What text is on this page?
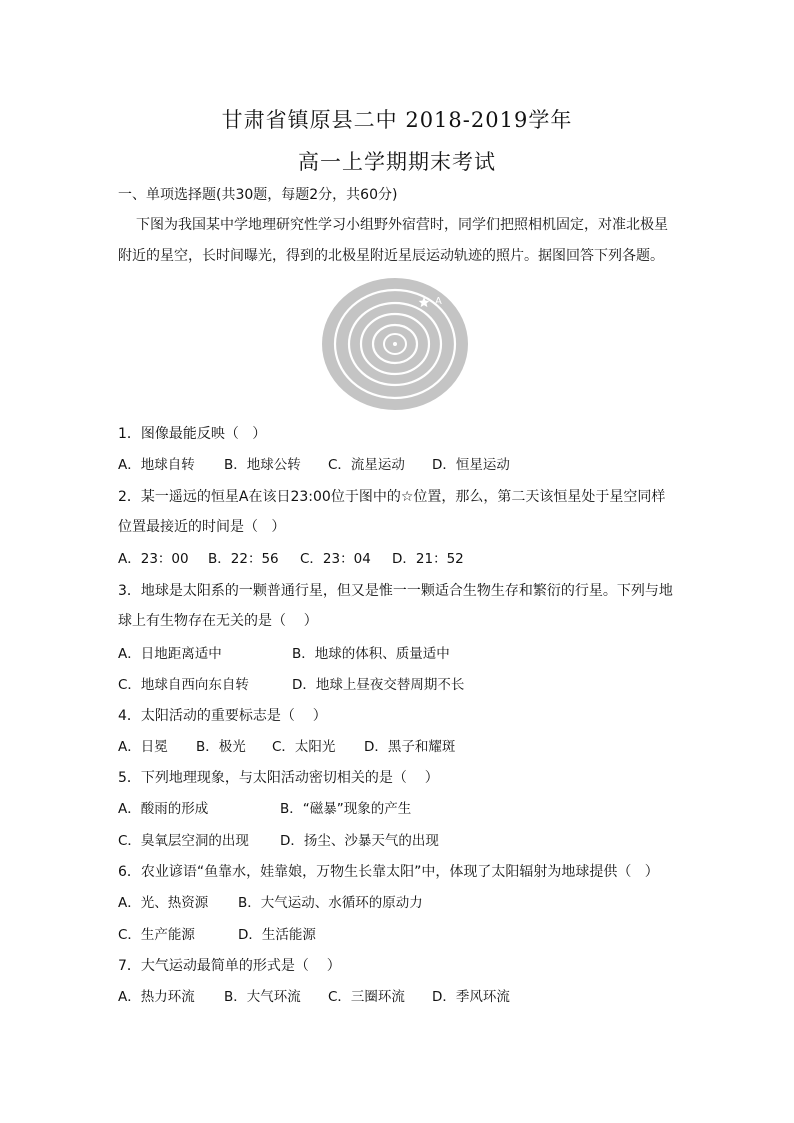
甘肃省镇原县二中 2018-2019学年
高一上学期期末考试
一、单项选择题(共30题，每题2分，共60分)
下图为我国某中学地理研究性学习小组野外宿营时，同学们把照相机固定，对准北极星附近的星空，长时间曝光，得到的北极星附近星辰运动轨迹的照片。据图回答下列各题。
A
1．图像最能反映（   ）
A．地球自转 B．地球公转 C．流星运动 D．恒星运动
2．某一遥远的恒星A在该日23:00位于图中的☆位置，那么，第二天该恒星处于星空同样
位置最接近的时间是（   ）
A．23：00 B．22：56 C．23：04 D．21：52
3．地球是太阳系的一颗普通行星，但又是惟一一颗适合生物生存和繁衍的行星。下列与地
球上有生物存在无关的是（    ）
A．日地距离适中	B．地球的体积、质量适中
C．地球自西向东自转	D．地球上昼夜交替周期不长
4．太阳活动的重要标志是（    ）
A．日冕 B．极光 C．太阳光 D．黑子和耀斑
5．下列地理现象，与太阳活动密切相关的是（    ）
A．酸雨的形成	B．“磁暴”现象的产生
C．臭氧层空洞的出现 D．扬尘、沙暴天气的出现
6．农业谚语“鱼靠水，娃靠娘，万物生长靠太阳”中，体现了太阳辐射为地球提供（   ）
A．光、热资源 B．大气运动、水循环的原动力
C．生产能源	D．生活能源
7．大气运动最简单的形式是（    ）
A．热力环流 B．大气环流 C．三圈环流 D．季风环流
